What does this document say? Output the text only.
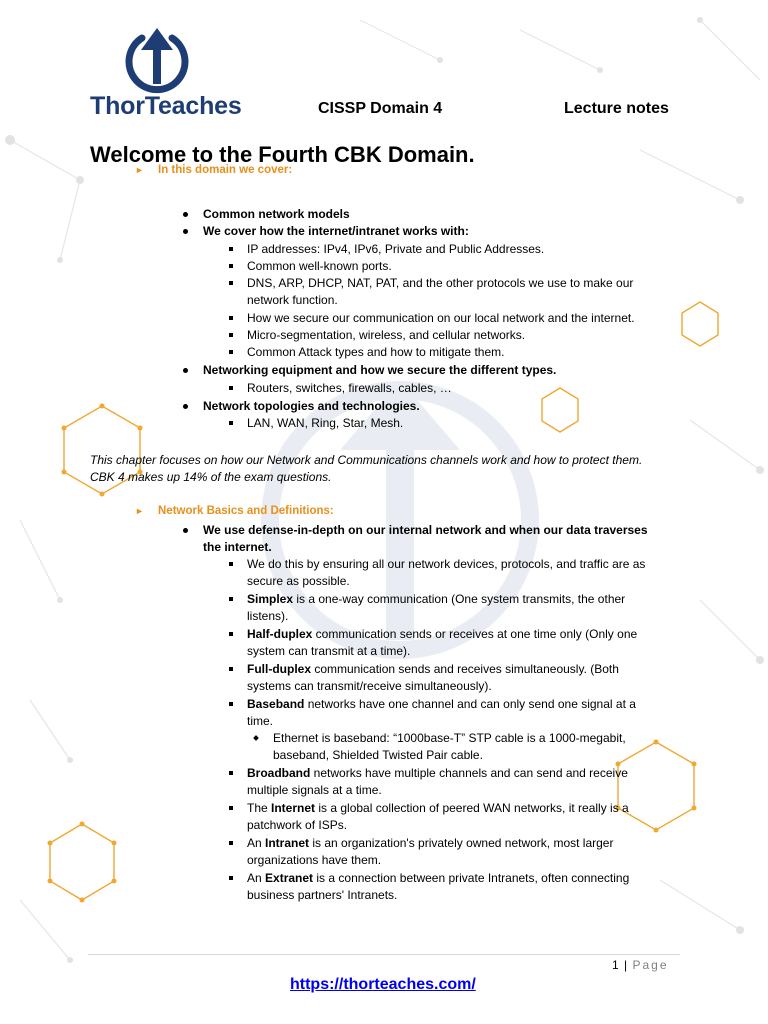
ThorTeaches	CISSP Domain 4	Lecture notes
Welcome to the Fourth CBK Domain.
► In this domain we cover:
Common network models
We cover how the internet/intranet works with:
IP addresses: IPv4, IPv6, Private and Public Addresses.
Common well-known ports.
DNS, ARP, DHCP, NAT, PAT, and the other protocols we use to make our
network function.
How we secure our communication on our local network and the internet.
Micro-segmentation, wireless, and cellular networks.
Common Attack types and how to mitigate them.
Networking equipment and how we secure the different types.
Routers, switches, firewalls, cables, …
Network topologies and technologies.
LAN, WAN, Ring, Star, Mesh.
This chapter focuses on how our Network and Communications channels work and how to protect them.
CBK 4 makes up 14% of the exam questions.
► Network Basics and Definitions:
We use defense-in-depth on our internal network and when our data traverses
the internet.
We do this by ensuring all our network devices, protocols, and traffic are as
secure as possible.
Simplex is a one-way communication (One system transmits, the other
listens).
Half-duplex communication sends or receives at one time only (Only one
system can transmit at a time).
Full-duplex communication sends and receives simultaneously. (Both
systems can transmit/receive simultaneously).
Baseband networks have one channel and can only send one signal at a
time.
Ethernet is baseband: “1000base-T” STP cable is a 1000-megabit,
baseband, Shielded Twisted Pair cable.
Broadband networks have multiple channels and can send and receive
multiple signals at a time.
The Internet is a global collection of peered WAN networks, it really is a
patchwork of ISPs.
An Intranet is an organization's privately owned network, most larger
organizations have them.
An Extranet is a connection between private Intranets, often connecting
business partners' Intranets.
1 | Page
https://thorteaches.com/
